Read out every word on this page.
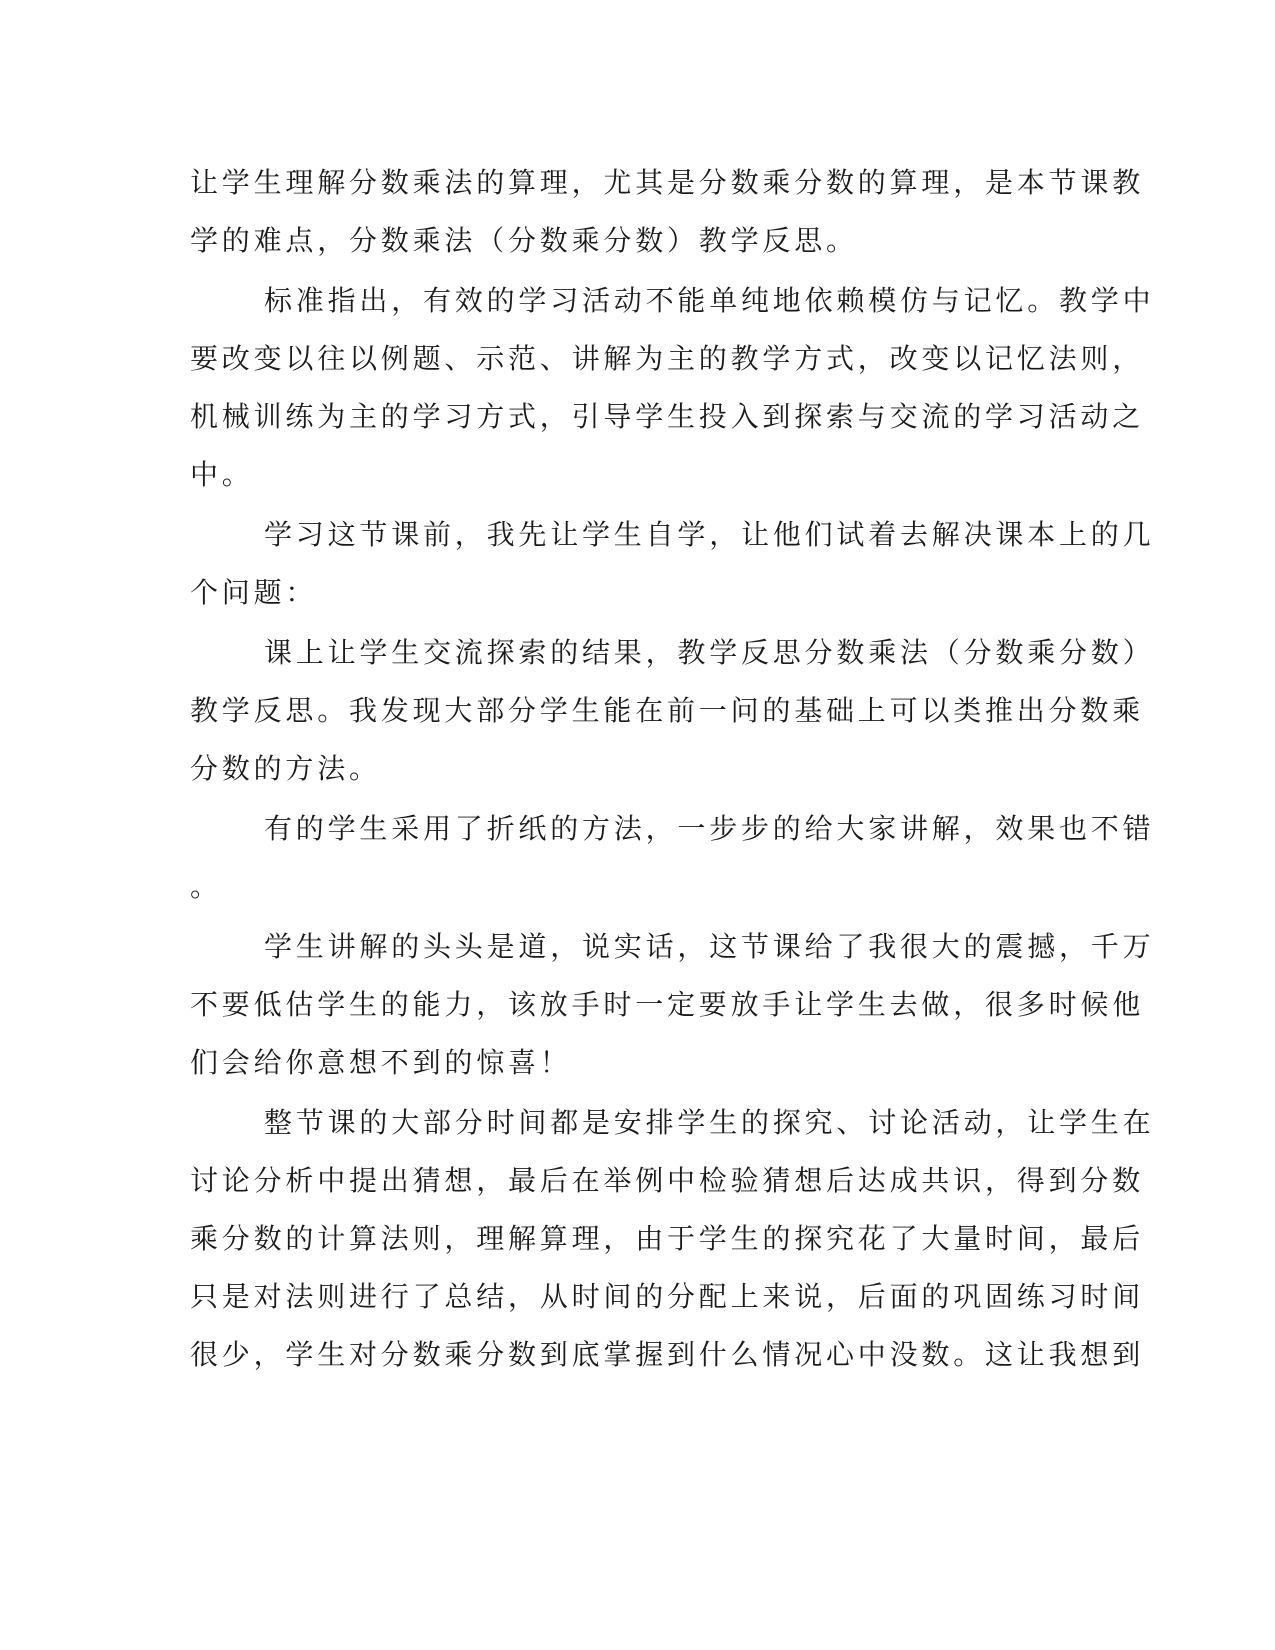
让学生理解分数乘法的算理，尤其是分数乘分数的算理，是本节课教

学的难点，分数乘法（分数乘分数）教学反思。

标准指出，有效的学习活动不能单纯地依赖模仿与记忆。教学中

要改变以往以例题、示范、讲解为主的教学方式，改变以记忆法则，

机械训练为主的学习方式，引导学生投入到探索与交流的学习活动之

中。

学习这节课前，我先让学生自学，让他们试着去解决课本上的几

个问题：

课上让学生交流探索的结果，教学反思分数乘法（分数乘分数）

教学反思。我发现大部分学生能在前一问的基础上可以类推出分数乘

分数的方法。

有的学生采用了折纸的方法，一步步的给大家讲解，效果也不错

。

学生讲解的头头是道，说实话，这节课给了我很大的震撼，千万

不要低估学生的能力，该放手时一定要放手让学生去做，很多时候他

们会给你意想不到的惊喜！

整节课的大部分时间都是安排学生的探究、讨论活动，让学生在

讨论分析中提出猜想，最后在举例中检验猜想后达成共识，得到分数

乘分数的计算法则，理解算理，由于学生的探究花了大量时间，最后

只是对法则进行了总结，从时间的分配上来说，后面的巩固练习时间

很少，学生对分数乘分数到底掌握到什么情况心中没数。这让我想到
